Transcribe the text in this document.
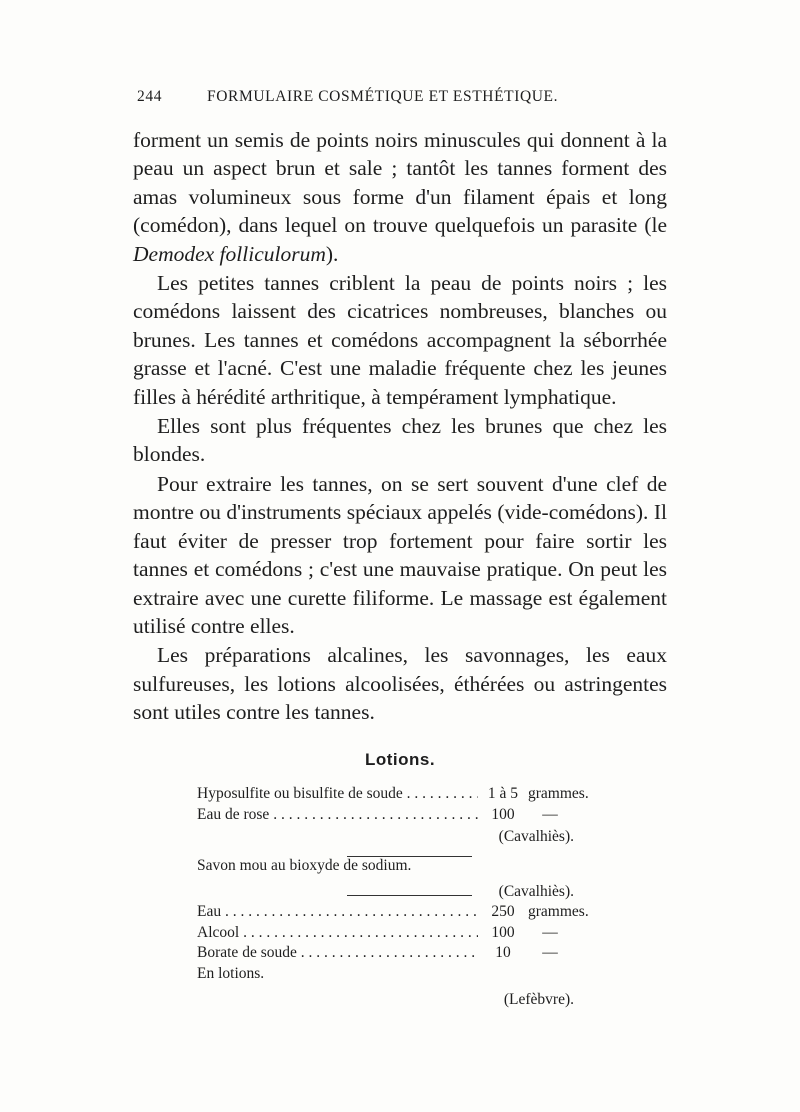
244	FORMULAIRE COSMÉTIQUE ET ESTHÉTIQUE.

forment un semis de points noirs minuscules qui donnent à la peau un aspect brun et sale ; tantôt les tannes forment des amas volumineux sous forme d'un filament épais et long (comédon), dans lequel on trouve quelquefois un parasite (le Demodex folliculorum).

Les petites tannes criblent la peau de points noirs ; les comédons laissent des cicatrices nombreuses, blanches ou brunes. Les tannes et comédons accompagnent la séborrhée grasse et l'acné. C'est une maladie fréquente chez les jeunes filles à hérédité arthritique, à tempérament lymphatique.

Elles sont plus fréquentes chez les brunes que chez les blondes.

Pour extraire les tannes, on se sert souvent d'une clef de montre ou d'instruments spéciaux appelés (vide-comédons). Il faut éviter de presser trop fortement pour faire sortir les tannes et comédons ; c'est une mauvaise pratique. On peut les extraire avec une curette filiforme. Le massage est également utilisé contre elles.

Les préparations alcalines, les savonnages, les eaux sulfureuses, les lotions alcoolisées, éthérées ou astringentes sont utiles contre les tannes.

Lotions.
Hyposulfite ou bisulfite de soude . . .	1 à 5 grammes.
Eau de rose . . .	100	—
(Cavalhiès).
Savon mou au bioxyde de sodium.
(Cavalhiès).
Eau . . .	250 grammes.
Alcool . . .	100	—
Borate de soude . . .	10	—
En lotions.
(Lefèbvre).
